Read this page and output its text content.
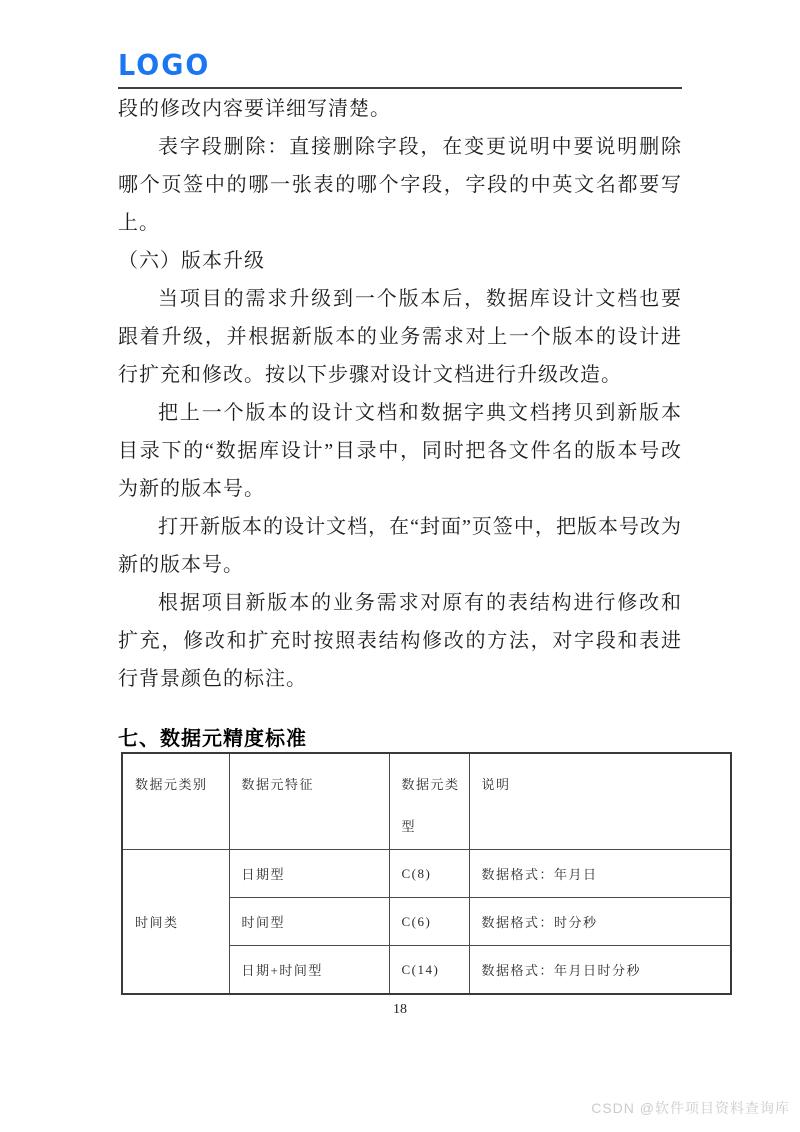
LOGO

段的修改内容要详细写清楚。

表字段删除：直接删除字段，在变更说明中要说明删除哪个页签中的哪一张表的哪个字段，字段的中英文名都要写上。

（六）版本升级

当项目的需求升级到一个版本后，数据库设计文档也要跟着升级，并根据新版本的业务需求对上一个版本的设计进行扩充和修改。按以下步骤对设计文档进行升级改造。

把上一个版本的设计文档和数据字典文档拷贝到新版本目录下的“数据库设计”目录中，同时把各文件名的版本号改为新的版本号。

打开新版本的设计文档，在“封面”页签中，把版本号改为新的版本号。

根据项目新版本的业务需求对原有的表结构进行修改和扩充，修改和扩充时按照表结构修改的方法，对字段和表进行背景颜色的标注。

七、数据元精度标准
数据元类别	数据元特征	数据元类型	说明
时间类	日期型	C(8)	数据格式：年月日
	时间型	C(6)	数据格式：时分秒
	日期+时间型	C(14)	数据格式：年月日时分秒
18
CSDN @软件项目资料查询库
